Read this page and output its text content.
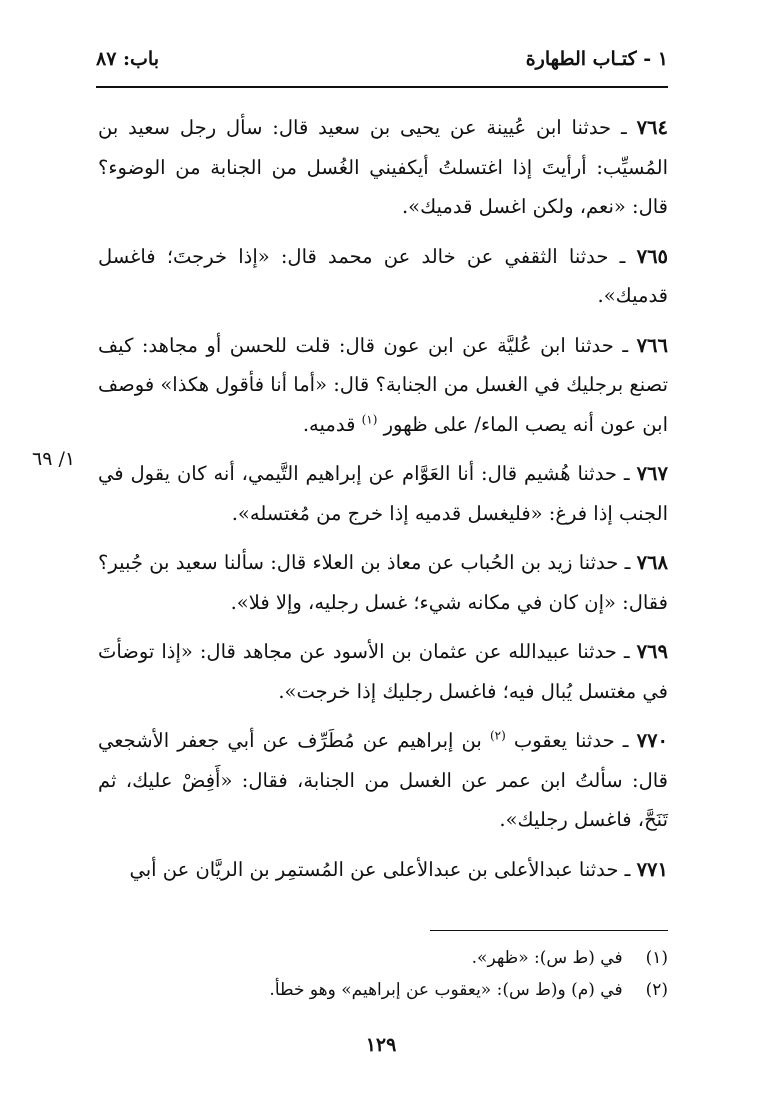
١ - كتـاب الطهارة
باب: ٨٧

٧٦٤ ـ حدثنا ابن عُيينة عن يحيى بن سعيد قال: سأل رجل سعيد بن المُسيِّب: أرأيتَ إذا اغتسلتُ أيكفيني الغُسل من الجنابة من الوضوء؟ قال: «نعم، ولكن اغسل قدميك».

٧٦٥ ـ حدثنا الثقفي عن خالد عن محمد قال: «إذا خرجتَ؛ فاغسل قدميك».

٧٦٦ ـ حدثنا ابن عُليَّة عن ابن عون قال: قلت للحسن أو مجاهد: كيف تصنع برجليك في الغسل من الجنابة؟ قال: «أما أنا فأقول هكذا» فوصف ابن عون أنه يصب الماء/ على ظهور $^{(١)}$ قدميه.

٧٦٧ ـ حدثنا هُشيم قال: أنا العَوَّام عن إبراهيم التَّيمي، أنه كان يقول في الجنب إذا فرغ: «فليغسل قدميه إذا خرج من مُغتسله».

٧٦٨ ـ حدثنا زيد بن الحُباب عن معاذ بن العلاء قال: سألنا سعيد بن جُبير؟ فقال: «إن كان في مكانه شيء؛ غسل رجليه، وإلا فلا».

٧٦٩ ـ حدثنا عبيدالله عن عثمان بن الأسود عن مجاهد قال: «إذا توضأتَ في مغتسل يُبال فيه؛ فاغسل رجليك إذا خرجت».

٧٧٠ ـ حدثنا يعقوب $^{(٢)}$ بن إبراهيم عن مُطَرِّف عن أبي جعفر الأشجعي قال: سألتُ ابن عمر عن الغسل من الجنابة، فقال: «أَفِضْ عليك، ثم تَنَحَّ، فاغسل رجليك».

٧٧١ ـ حدثنا عبدالأعلى بن عبدالأعلى عن المُستمِر بن الريَّان عن أبي

١/ ٦٩
(١) في (ط س): «ظهر».
(٢) في (م) و(ط س): «يعقوب عن إبراهيم» وهو خطأ.
١٢٩
